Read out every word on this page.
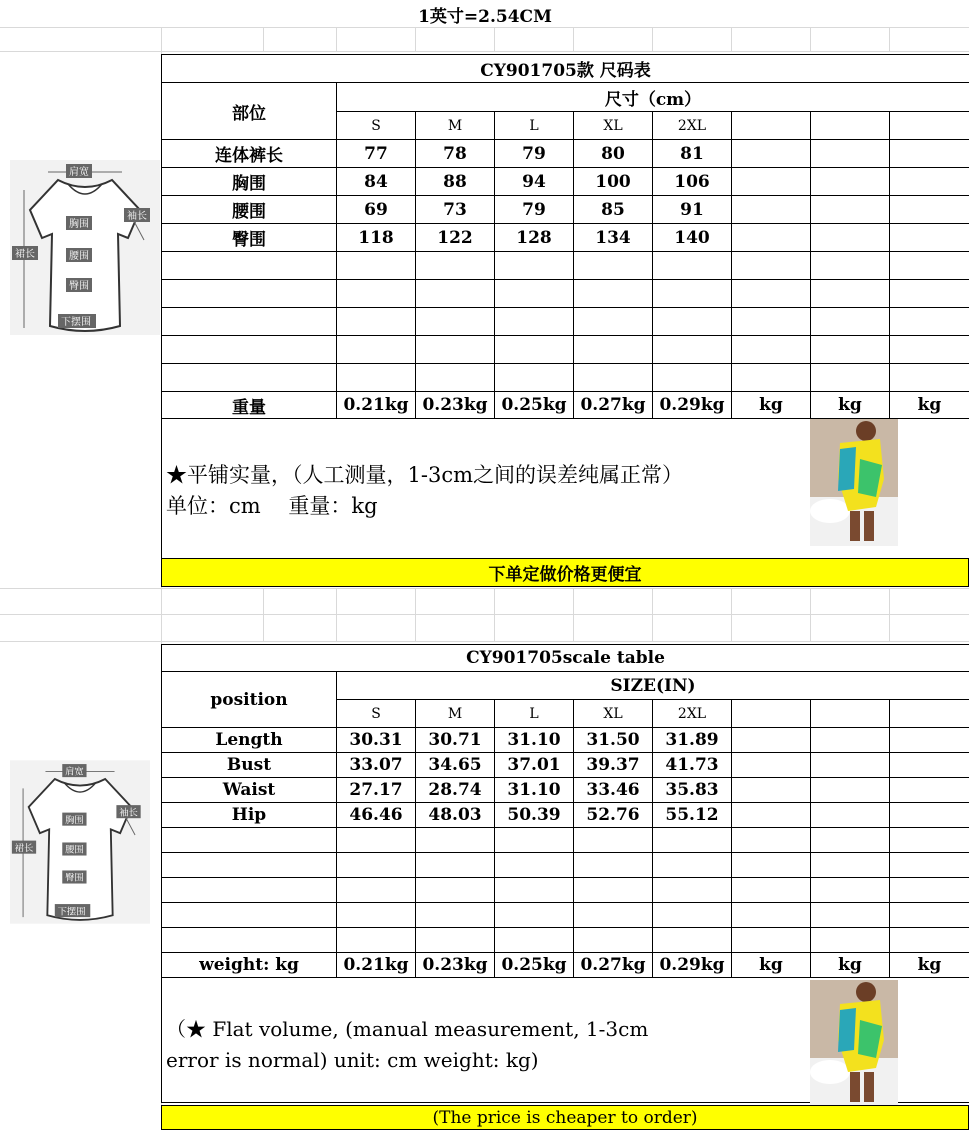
1英寸=2.54CM
CY901705款 尺码表
部位
尺寸（cm）
S	M	L	XL	2XL
连体裤长	77	78	79	80	81
胸围	84	88	94	100	106
腰围	69	73	79	85	91
臀围	118	122	128	134	140
重量	0.21kg 0.23kg 0.25kg 0.27kg 0.29kg	kg	kg	kg
肩宽
胸围
袖长
裙长	腰围
臀围
下摆围
★平铺实量，（人工测量，1-3cm之间的误差纯属正常）
单位：cm　 重量：kg
下单定做价格更便宜
CY901705scale table
position
SIZE(IN)
S	M	L	XL	2XL
Length	30.31	30.71	31.10	31.50	31.89
Bust	33.07	34.65	37.01	39.37	41.73
Waist	27.17	28.74	31.10	33.46	35.83
Hip	46.46	48.03	50.39	52.76	55.12
weight: kg	0.21kg 0.23kg 0.25kg 0.27kg 0.29kg	kg	kg	kg
肩宽
胸围
袖长
裙长	腰围
臀围
下摆围
（★ Flat volume, (manual measurement, 1-3cm
error is normal) unit: cm weight: kg)
(The price is cheaper to order)
